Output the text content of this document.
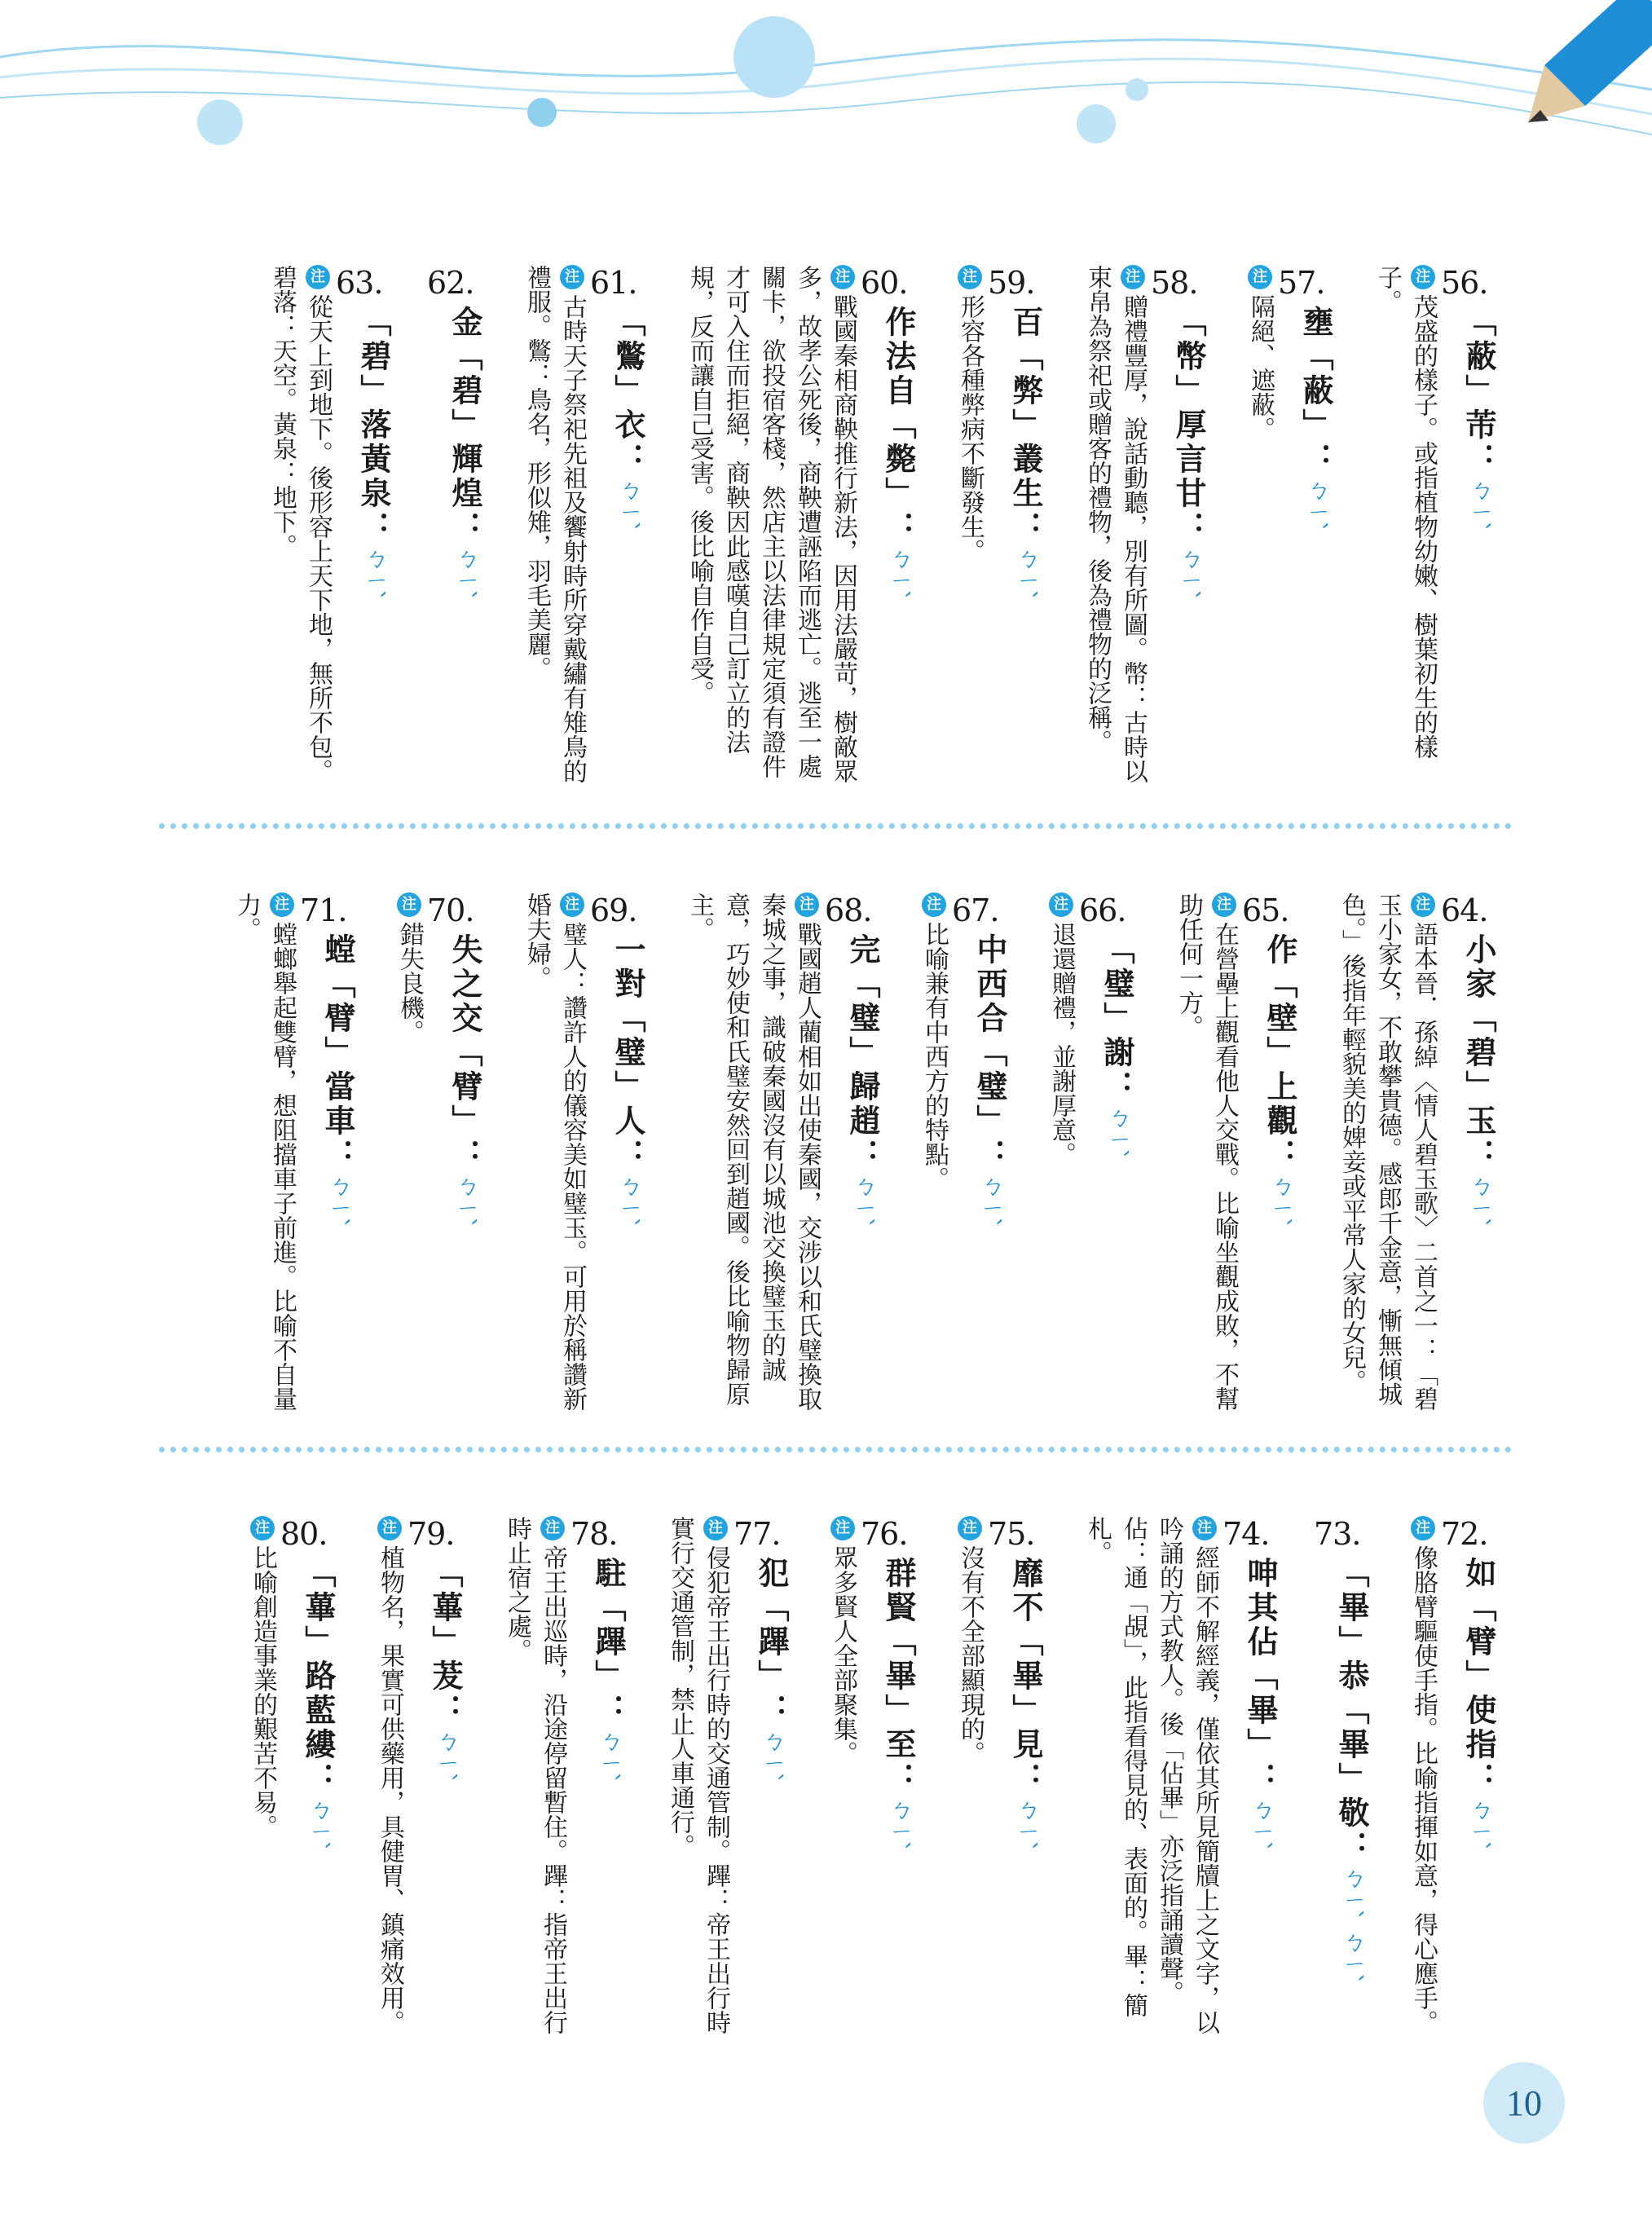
56.「蔽」芾：ㄅㄧˋ
注茂盛的樣子。或指植物幼嫩、樹葉初生的樣子。
57.壅「蔽」：ㄅㄧˋ
注隔絕、遮蔽。
58.「幣」厚言甘：ㄅㄧˋ
注贈禮豐厚，說話動聽，別有所圖。幣：古時以束帛為祭祀或贈客的禮物，後為禮物的泛稱。
59.百「弊」叢生：ㄅㄧˋ
注形容各種弊病不斷發生。
60.作法自「斃」：ㄅㄧˋ
注戰國秦相商鞅推行新法，因用法嚴苛，樹敵眾多，故孝公死後，商鞅遭誣陷而逃亡。逃至一處關卡，欲投宿客棧，然店主以法律規定須有證件才可入住而拒絕，商鞅因此感嘆自己訂立的法規，反而讓自己受害。後比喻自作自受。
61.「鷩」衣：ㄅㄧˋ
注古時天子祭祀先祖及饗射時所穿戴繡有雉鳥的禮服。鷩：鳥名，形似雉，羽毛美麗。
62.金「碧」輝煌：ㄅㄧˋ
63.「碧」落黃泉：ㄅㄧˋ
注從天上到地下。後形容上天下地，無所不包。碧落：天空。黃泉：地下。
64.小家「碧」玉：ㄅㄧˋ
注語本晉．孫綽〈情人碧玉歌〉二首之一：「碧玉小家女，不敢攀貴德。感郎千金意，慚無傾城色。」後指年輕貌美的婢妾或平常人家的女兒。
65.作「壁」上觀：ㄅㄧˋ
注在營壘上觀看他人交戰。比喻坐觀成敗，不幫助任何一方。
66.「璧」謝：ㄅㄧˋ
注退還贈禮，並謝厚意。
67.中西合「璧」：ㄅㄧˋ
注比喻兼有中西方的特點。
68.完「璧」歸趙：ㄅㄧˋ
注戰國趙人藺相如出使秦國，交涉以和氏璧換取秦城之事，識破秦國沒有以城池交換璧玉的誠意，巧妙使和氏璧安然回到趙國。後比喻物歸原主。
69.一對「璧」人：ㄅㄧˋ
注璧人：讚許人的儀容美如璧玉。可用於稱讚新婚夫婦。
70.失之交「臂」：ㄅㄧˋ
注錯失良機。
71.螳「臂」當車：ㄅㄧˋ
注螳螂舉起雙臂，想阻擋車子前進。比喻不自量力。
72.如「臂」使指：ㄅㄧˋ
注像胳臂驅使手指。比喻指揮如意，得心應手。
73.「畢」恭「畢」敬：ㄅㄧˋ ㄅㄧˋ
74.呻其佔「畢」：ㄅㄧˋ
注經師不解經義，僅依其所見簡牘上之文字，以吟誦的方式教人。後「佔畢」亦泛指誦讀聲。佔：通「覘」，此指看得見的、表面的。畢：簡札。
75.靡不「畢」見：ㄅㄧˋ
注沒有不全部顯現的。
76.群賢「畢」至：ㄅㄧˋ
注眾多賢人全部聚集。
77.犯「蹕」：ㄅㄧˋ
注侵犯帝王出行時的交通管制。蹕：帝王出行時實行交通管制，禁止人車通行。
78.駐「蹕」：ㄅㄧˋ
注帝王出巡時，沿途停留暫住。蹕：指帝王出行時止宿之處。
79.「蓽」茇：ㄅㄧˋ
注植物名，果實可供藥用，具健胃、鎮痛效用。
80.「蓽」路藍縷：ㄅㄧˋ
注比喻創造事業的艱苦不易。
10
